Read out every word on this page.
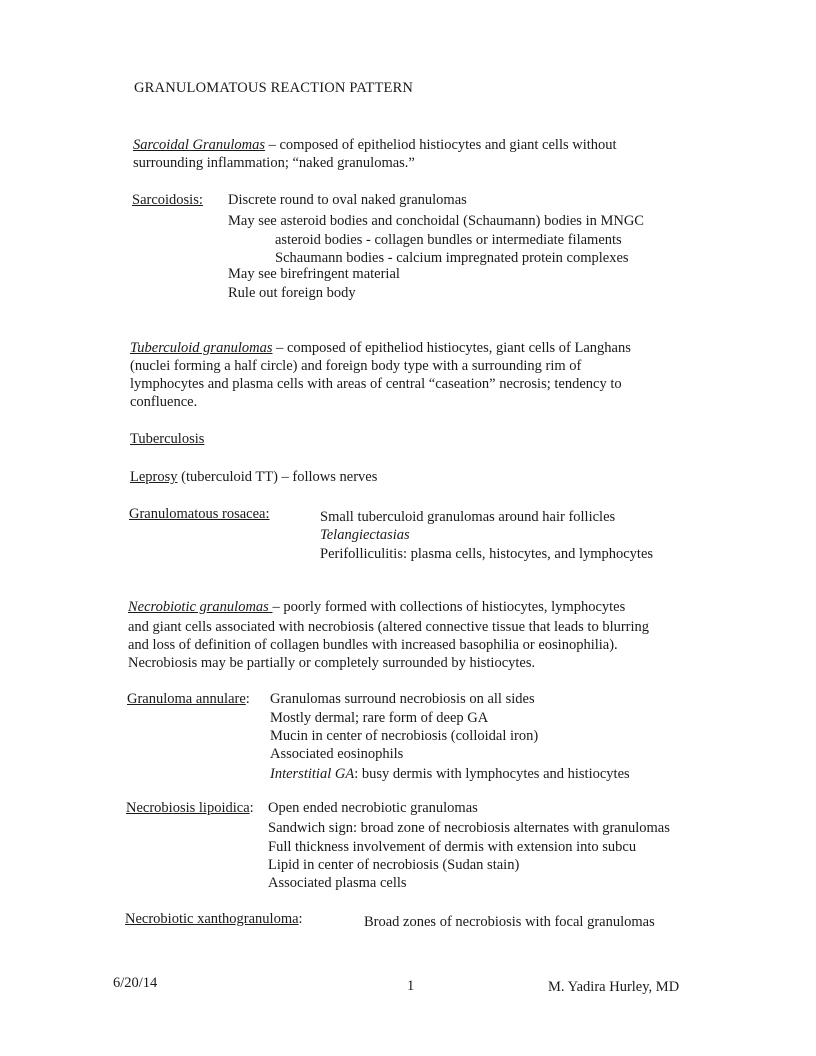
GRANULOMATOUS REACTION PATTERN
Sarcoidal Granulomas – composed of epitheliod histiocytes and giant cells without
surrounding inflammation; “naked granulomas.”
Sarcoidosis: Discrete round to oval naked granulomas
May see asteroid bodies and conchoidal (Schaumann) bodies in MNGC
asteroid bodies - collagen bundles or intermediate filaments
Schaumann bodies - calcium impregnated protein complexes
May see birefringent material
Rule out foreign body
Tuberculoid granulomas – composed of epitheliod histiocytes, giant cells of Langhans
(nuclei forming a half circle) and foreign body type with a surrounding rim of
lymphocytes and plasma cells with areas of central “caseation” necrosis; tendency to
confluence.
Tuberculosis
Leprosy (tuberculoid TT) – follows nerves
Granulomatous rosacea:	Small tuberculoid granulomas around hair follicles
Telangiectasias
Perifolliculitis: plasma cells, histocytes, and lymphocytes
Necrobiotic granulomas – poorly formed with collections of histiocytes, lymphocytes
and giant cells associated with necrobiosis (altered connective tissue that leads to blurring
and loss of definition of collagen bundles with increased basophilia or eosinophilia).
Necrobiosis may be partially or completely surrounded by histiocytes.
Granuloma annulare: Granulomas surround necrobiosis on all sides
Mostly dermal; rare form of deep GA
Mucin in center of necrobiosis (colloidal iron)
Associated eosinophils
Interstitial GA: busy dermis with lymphocytes and histiocytes
Necrobiosis lipoidica: Open ended necrobiotic granulomas
Sandwich sign: broad zone of necrobiosis alternates with granulomas
Full thickness involvement of dermis with extension into subcu
Lipid in center of necrobiosis (Sudan stain)
Associated plasma cells
Necrobiotic xanthogranuloma:	Broad zones of necrobiosis with focal granulomas
6/20/14	1	M. Yadira Hurley, MD
